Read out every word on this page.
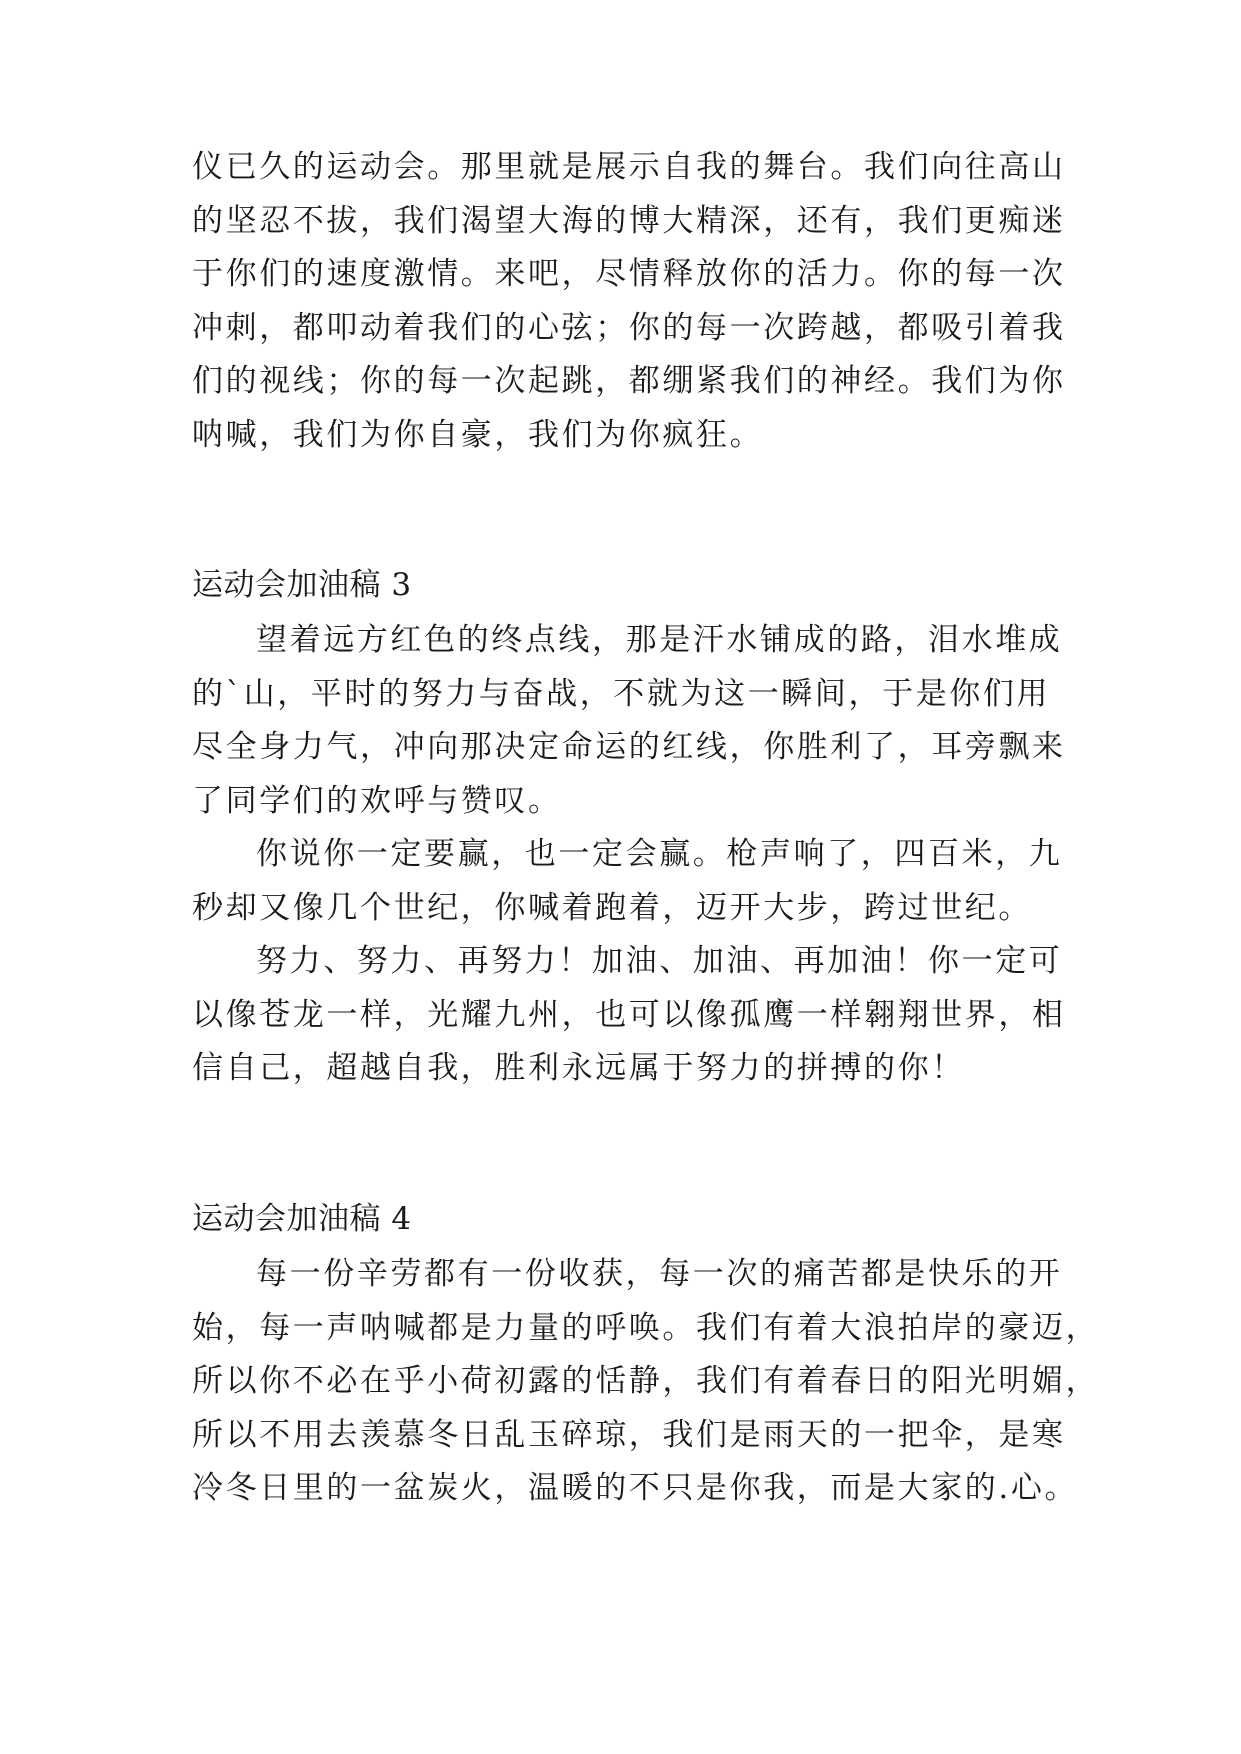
仪已久的运动会。那里就是展示自我的舞台。我们向往高山
的坚忍不拔，我们渴望大海的博大精深，还有，我们更痴迷
于你们的速度激情。来吧，尽情释放你的活力。你的每一次
冲刺，都叩动着我们的心弦；你的每一次跨越，都吸引着我
们的视线；你的每一次起跳，都绷紧我们的神经。我们为你
呐喊，我们为你自豪，我们为你疯狂。
运动会加油稿 3
望着远方红色的终点线，那是汗水铺成的路，泪水堆成
的`山，平时的努力与奋战，不就为这一瞬间，于是你们用
尽全身力气，冲向那决定命运的红线，你胜利了，耳旁飘来
了同学们的欢呼与赞叹。
你说你一定要赢，也一定会赢。枪声响了，四百米，九
秒却又像几个世纪，你喊着跑着，迈开大步，跨过世纪。
努力、努力、再努力！加油、加油、再加油！你一定可
以像苍龙一样，光耀九州，也可以像孤鹰一样翱翔世界，相
信自己，超越自我，胜利永远属于努力的拼搏的你！
运动会加油稿 4
每一份辛劳都有一份收获，每一次的痛苦都是快乐的开
始，每一声呐喊都是力量的呼唤。我们有着大浪拍岸的豪迈，
所以你不必在乎小荷初露的恬静，我们有着春日的阳光明媚，
所以不用去羡慕冬日乱玉碎琼，我们是雨天的一把伞，是寒
冷冬日里的一盆炭火，温暖的不只是你我，而是大家的.心。
